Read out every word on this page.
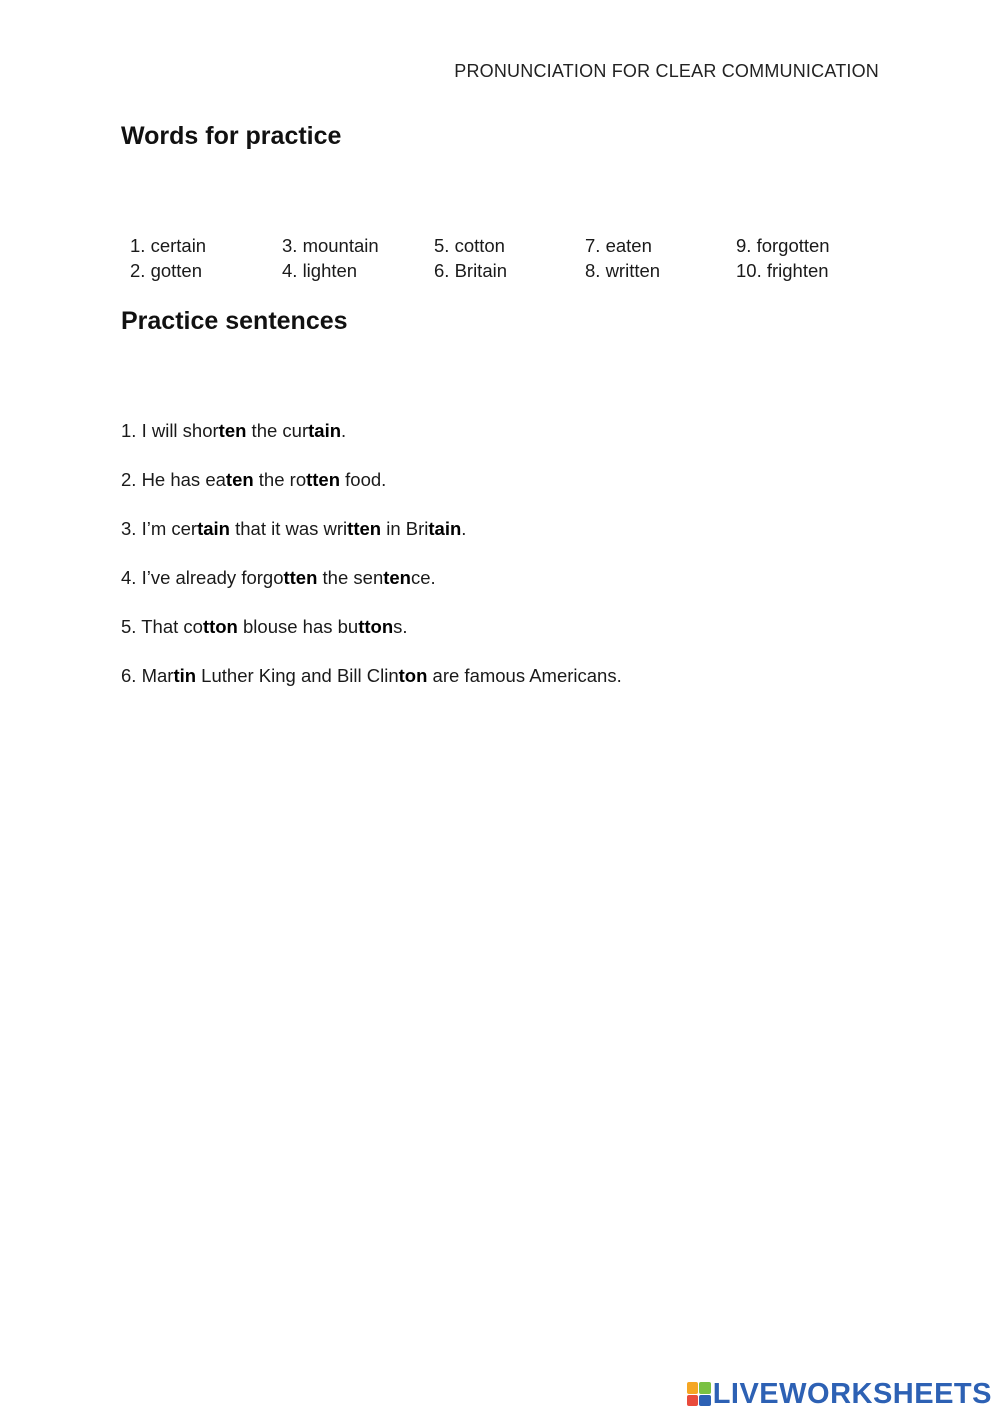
PRONUNCIATION FOR CLEAR COMMUNICATION
Words for practice
1. certain
2. gotten
3. mountain
4. lighten
5. cotton
6. Britain
7. eaten
8. written
9. forgotten
10. frighten
Practice sentences
1. I will shorten the curtain.
2. He has eaten the rotten food.
3. I’m certain that it was written in Britain.
4. I’ve already forgotten the sentence.
5. That cotton blouse has buttons.
6. Martin Luther King and Bill Clinton are famous Americans.
LIVEWORKSHEETS
